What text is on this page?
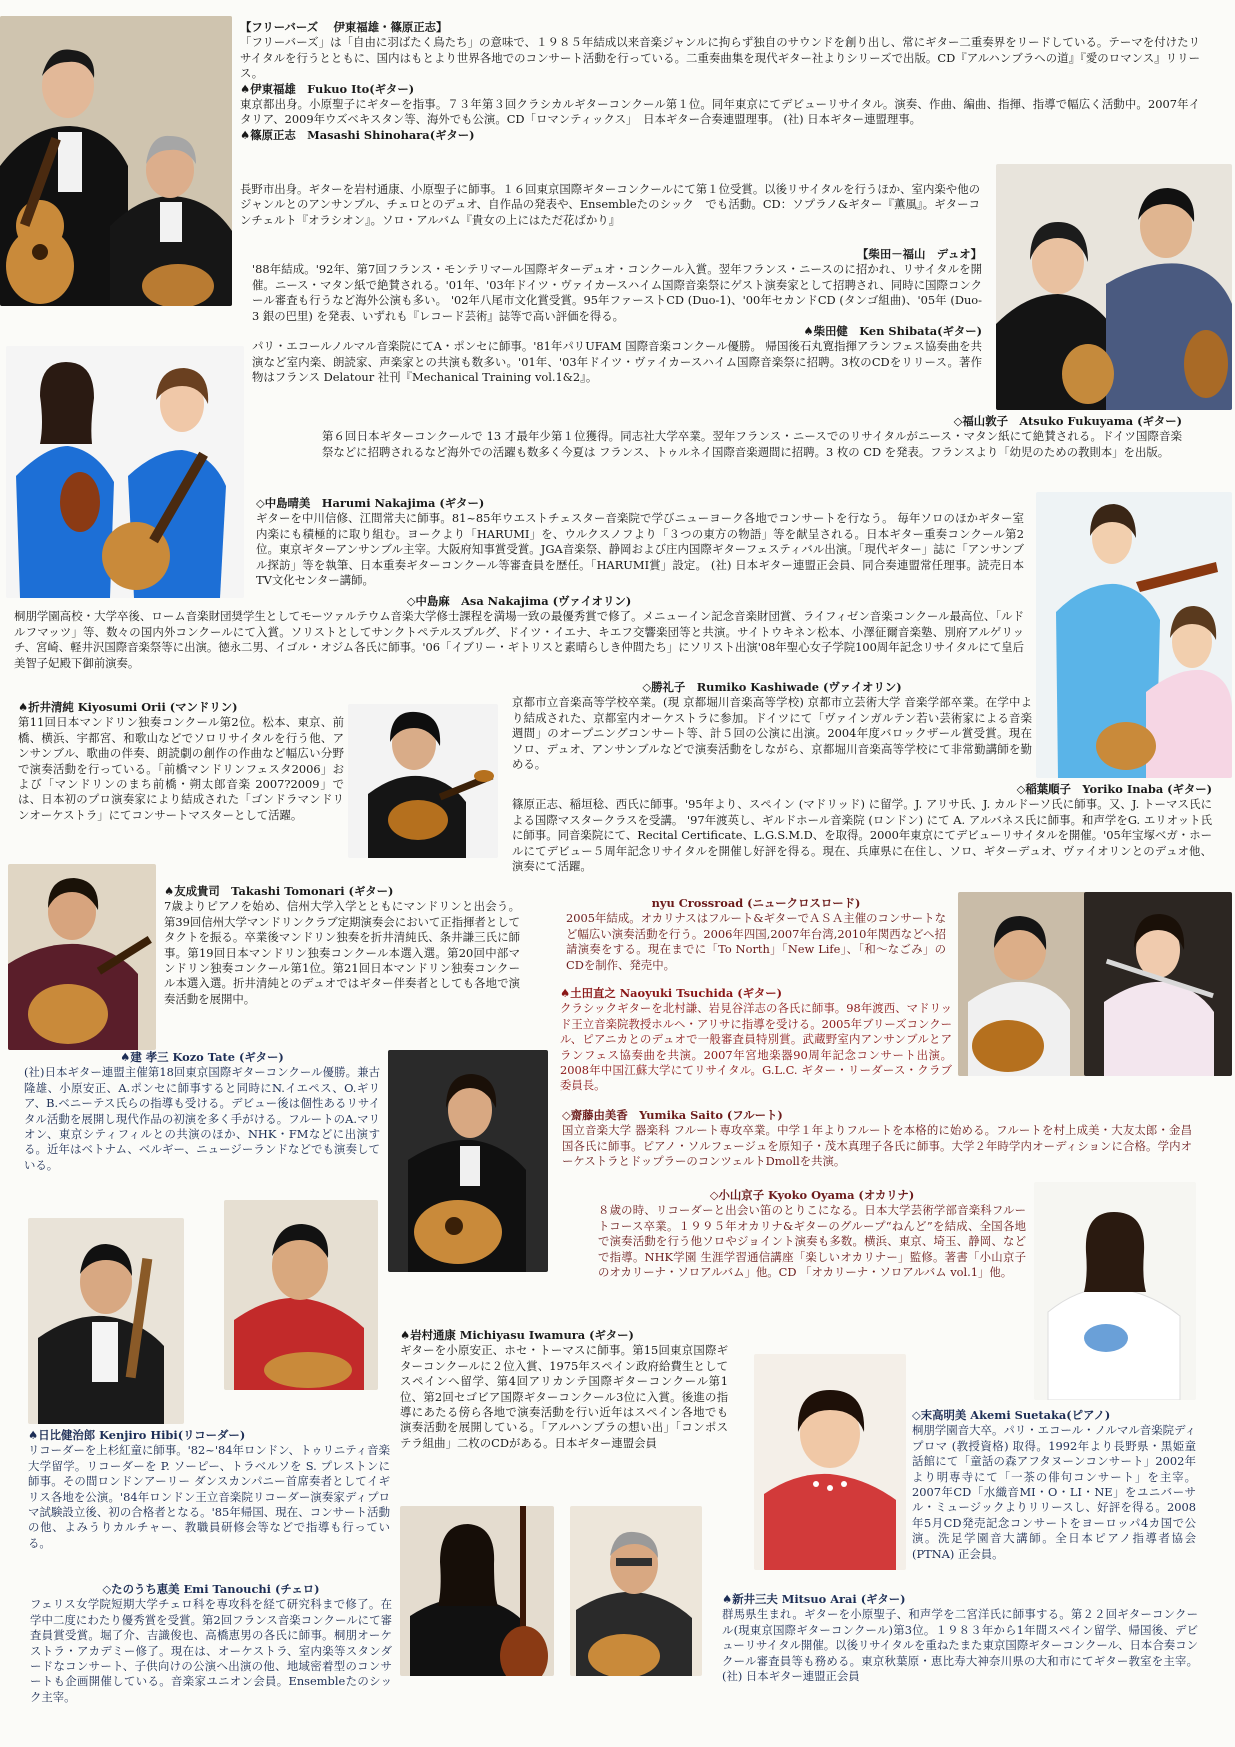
【フリーバーズ　 伊東福雄・篠原正志】

「フリーバーズ」は「自由に羽ばたく鳥たち」の意味で、１９８５年結成以来音楽ジャンルに拘らず独自のサウンドを創り出し、常にギター二重奏界をリードしている。テーマを付けたリサイタルを行うとともに、国内はもとより世界各地でのコンサート活動を行っている。二重奏曲集を現代ギター社よりシリーズで出版。CD『アルハンブラへの道』『愛のロマンス』リリース。

♠伊東福雄　Fukuo Ito(ギター)

東京都出身。小原聖子にギターを指事。７３年第３回クラシカルギターコンクール第１位。同年東京にてデビューリサイタル。演奏、作曲、編曲、指揮、指導で幅広く活動中。2007年イタリア、2009年ウズベキスタン等、海外でも公演。CD「ロマンティックス」　日本ギター合奏連盟理事。 (社) 日本ギター連盟理事。

♠篠原正志　Masashi Shinohara(ギター)

長野市出身。ギターを岩村通康、小原聖子に師事。１６回東京国際ギターコンクールにて第１位受賞。以後リサイタルを行うほか、室内楽や他のジャンルとのアンサンブル、チェロとのデュオ、自作品の発表や、Ensembleたのシック　でも活動。CD：ソプラノ&ギター『薫風』。ギターコンチェルト『オラシオン』。ソロ・アルバム『貴女の上にはただ花ばかり』

【柴田－福山　デュオ】

'88年結成。'92年、第7回フランス・モンテリマール国際ギターデュオ・コンクール入賞。翌年フランス・ニースのに招かれ、リサイタルを開催。ニース・マタン紙で絶賛される。'01年、'03年ドイツ・ヴァイカースハイム国際音楽祭にゲスト演奏家として招聘され、同時に国際コンクール審査も行うなど海外公演も多い。 '02年八尾市文化賞受賞。95年ファーストCD (Duo-1)、'00年セカンドCD (タンゴ組曲)、'05年 (Duo-3 銀の巴里) を発表、いずれも『レコード芸術』誌等で高い評価を得る。

♠柴田健　Ken Shibata(ギター)

パリ・エコールノルマル音楽院にてA・ポンセに師事。'81年パリUFAM 国際音楽コンクール優勝。 帰国後石丸寛指揮アランフェス協奏曲を共演など室内楽、朗読家、声楽家との共演も数多い。'01年、'03年ドイツ・ヴァイカースハイム国際音楽祭に招聘。3枚のCDをリリース。著作物はフランス Delatour 社刊『Mechanical Training vol.1&2』。

◇福山敦子　Atsuko Fukuyama (ギター)

第６回日本ギターコンクールで 13 才最年少第１位獲得。同志社大学卒業。翌年フランス・ニースでのリサイタルがニース・マタン紙にて絶賛される。ドイツ国際音楽祭などに招聘されるなど海外での活躍も数多く今夏は フランス、トゥルネイ国際音楽週間に招聘。3 枚の CD を発表。フランスより「幼児のための教則本」を出版。

◇中島晴美　Harumi Nakajima (ギター)

ギターを中川信修、江間常夫に師事。81~85年ウエストチェスター音楽院で学びニューヨーク各地でコンサートを行なう。 毎年ソロのほかギター室内楽にも積極的に取り組む。ヨークより「HARUMI」を、ウルクスノフより「３つの東方の物語」等を献呈される。日本ギター重奏コンクール第2位。東京ギターアンサンブル主宰。大阪府知事賞受賞。JGA音楽祭、静岡および庄内国際ギターフェスティバル出演。「現代ギター」誌に「アンサンブル探訪」等を執筆、日本重奏ギターコンクール等審査員を歴任。「HARUMI賞」設定。 (社) 日本ギター連盟正会員、同合奏連盟常任理事。読売日本TV文化センター講師。

◇中島麻　Asa Nakajima (ヴァイオリン)

桐朋学園高校・大学卒後、ローム音楽財団奨学生としてモーツァルテウム音楽大学修士課程を満場一致の最優秀賞で修了。メニューイン記念音楽財団賞、ライフィゼン音楽コンクール最高位、「ルドルフマッツ」等、数々の国内外コンクールにて入賞。ソリストとしてサンクトペテルスブルグ、ドイツ・イエナ、キエフ交響楽団等と共演。サイトウキネン松本、小澤征爾音楽塾、別府アルゲリッチ、宮崎、軽井沢国際音楽祭等に出演。徳永二男、イゴル・オジム各氏に師事。'06「イブリー・ギトリスと素晴らしき仲間たち」にソリスト出演'08年聖心女子学院100周年記念リサイタルにて皇后美智子妃殿下御前演奏。

♠折井清純 Kiyosumi Orii (マンドリン)

第11回日本マンドリン独奏コンクール第2位。松本、東京、前橋、横浜、宇都宮、和歌山などでソロリサイタルを行う他、アンサンブル、歌曲の伴奏、朗読劇の創作の作曲など幅広い分野で演奏活動を行っている。「前橋マンドリンフェスタ2006」および「マンドリンのまち前橋・朔太郎音楽 2007?2009」では、日本初のプロ演奏家により結成された「ゴンドラマンドリンオーケストラ」にてコンサートマスターとして活躍。

◇勝礼子　Rumiko Kashiwade (ヴァイオリン)

京都市立音楽高等学校卒業。(現 京都堀川音楽高等学校) 京都市立芸術大学 音楽学部卒業。在学中より結成された、京都室内オーケストラに参加。ドイツにて「ヴァインガルテン若い芸術家による音楽週間」のオープニングコンサート等、計５回の公演に出演。2004年度バロックザール賞受賞。現在 ソロ、デュオ、アンサンブルなどで演奏活動をしながら、京都堀川音楽高等学校にて非常勤講師を勤める。

◇稲葉順子　Yoriko Inaba (ギター)

篠原正志、稲垣稔、西氏に師事。'95年より、スペイン (マドリッド) に留学。J. アリサ氏、J. カルドーソ氏に師事。又、J. トーマス氏による国際マスタークラスを受講。 '97年渡英し、ギルドホール音楽院 (ロンドン) にて A. アルバネス氏に師事。和声学をG. エリオット氏に師事。同音楽院にて、Recital Certificate、L.G.S.M.D、を取得。2000年東京にてデビューリサイタルを開催。'05年宝塚ベガ・ホールにてデビュー５周年記念リサイタルを開催し好評を得る。現在、兵庫県に在住し、ソロ、ギターデュオ、ヴァイオリンとのデュオ他、演奏にて活躍。

♠友成貴司　Takashi Tomonari (ギター)

7歳よりピアノを始め、信州大学入学とともにマンドリンと出会う。第39回信州大学マンドリンクラブ定期演奏会において正指揮者としてタクトを振る。卒業後マンドリン独奏を折井清純氏、条井謙三氏に師事。第19回日本マンドリン独奏コンクール本選入選。第20回中部マンドリン独奏コンクール第1位。第21回日本マンドリン独奏コンクール本選入選。折井清純とのデュオではギター伴奏者としても各地で演奏活動を展開中。

nyu Crossroad (ニュークロスロード)

2005年結成。オカリナスはフルート&ギターでＡＳＡ主催のコンサートなど幅広い演奏活動を行う。2006年四国,2007年台湾,2010年関西などへ招請演奏をする。現在までに「To North」「New Life」、「和～なごみ」のCDを制作、発売中。

♠土田直之 Naoyuki Tsuchida (ギター)

クラシックギターを北村謙、岩見谷洋志の各氏に師事。98年渡西、マドリッド王立音楽院教授ホルヘ・アリサに指導を受ける。2005年ブリーズコンクール、ピアニカとのデュオで一般審査員特別賞。武蔵野室内アンサンブルとアランフェス協奏曲を共演。2007年宮地楽器90周年記念コンサート出演。2008年中国江蘇大学にてリサイタル。G.L.C. ギター・リーダース・クラブ委員長。

♠建 孝三 Kozo Tate (ギター)

(社)日本ギター連盟主催第18回東京国際ギターコンクール優勝。兼古隆雄、小原安正、A.ポンセに師事すると同時にN.イエペス、O.ギリア、B.ベニーテス氏らの指導も受ける。デビュー後は個性あるリサイタル活動を展開し現代作品の初演を多く手がける。フルートのA.マリオン、東京シティフィルとの共演のほか、NHK・FMなどに出演する。近年はベトナム、ベルギー、ニュージーランドなどでも演奏している。

◇齋藤由美香　Yumika Saito (フルート)

国立音楽大学 器楽科 フルート専攻卒業。中学１年よりフルートを本格的に始める。フルートを村上成美・大友太郎・金昌国各氏に師事。ピアノ・ソルフェージュを原知子・茂木真理子各氏に師事。大学２年時学内オーディションに合格。学内オーケストラとドップラーのコンツェルトDmollを共演。

◇小山京子 Kyoko Oyama (オカリナ)

８歳の時、リコーダーと出会い笛のとりこになる。日本大学芸術学部音楽科フルートコース卒業。１９９５年オカリナ&ギターのグループ“ねんど”を結成、全国各地で演奏活動を行う他ソロやジョイント演奏も多数。横浜、東京、埼玉、静岡、などで指導。NHK学園 生涯学習通信講座「楽しいオカリナー」監修。著書「小山京子のオカリーナ・ソロアルバム」他。CD 「オカリーナ・ソロアルバム vol.1」他。

♠岩村通康 Michiyasu Iwamura (ギター)

ギターを小原安正、ホセ・トーマスに師事。第15回東京国際ギターコンクールに２位入賞、1975年スペイン政府給費生としてスペインへ留学、第4回アリカンテ国際ギターコンクール第1位、第2回セゴビア国際ギターコンクール3位に入賞。後進の指導にあたる傍ら各地で演奏活動を行い近年はスペイン各地でも演奏活動を展開している。「アルハンブラの想い出」「コンポステラ組曲」二枚のCDがある。日本ギター連盟会員

♠日比健治郎 Kenjiro Hibi(リコーダー)

リコーダーを上杉紅童に師事。'82~'84年ロンドン、トゥリニティ音楽大学留学。リコーダーを P. ソーピー、トラベルソを S. プレストンに師事。その間ロンドンアーリー ダンスカンパニー首席奏者としてイギリス各地を公演。'84年ロンドン王立音楽院リコーダー演奏家ディプロマ試験設立後、初の合格者となる。'85年帰国、現在、コンサート活動の他、よみうりカルチャー、教職員研修会等などで指導も行っている。

◇末高明美 Akemi Suetaka(ピアノ)

桐朋学園音大卒。パリ・エコール・ノルマル音楽院ディプロマ (教授資格) 取得。1992年より長野県・黒姫童話館にて「童話の森アフタヌーンコンサート」2002年より明専寺にて「一茶の俳句コンサート」を主宰。2007年CD「水織音MI・O・LI・NE」をユニバーサル・ミュージックよりリリースし、好評を得る。2008年5月CD発売記念コンサートをヨーロッパ4カ国で公演。洗足学園音大講師。全日本ピアノ指導者協会(PTNA) 正会員。

◇たのうち恵美 Emi Tanouchi (チェロ)

フェリス女学院短期大学チェロ科を専攻科を経て研究科まで修了。在学中二度にわたり優秀賞を受賞。第2回フランス音楽コンクールにて審査員賞受賞。堀了介、吉識俊也、高橋恵男の各氏に師事。桐朋オーケストラ・アカデミー修了。現在は、オーケストラ、室内楽等スタンダードなコンサート、子供向けの公演へ出演の他、地域密着型のコンサートも企画開催している。音楽家ユニオン会員。Ensembleたのシック主宰。

♠新井三夫 Mitsuo Arai (ギター)

群馬県生まれ。ギターを小原聖子、和声学を二宮洋氏に師事する。第２２回ギターコンクール(現東京国際ギターコンクール)第3位。１９８３年から1年間スペイン留学、帰国後、デビューリサイタル開催。以後リサイタルを重ねたまた東京国際ギターコンクール、日本合奏コンクール審査員等も務める。東京秋葉原・恵比寿大神奈川県の大和市にてギター教室を主宰。 (社) 日本ギター連盟正会員
